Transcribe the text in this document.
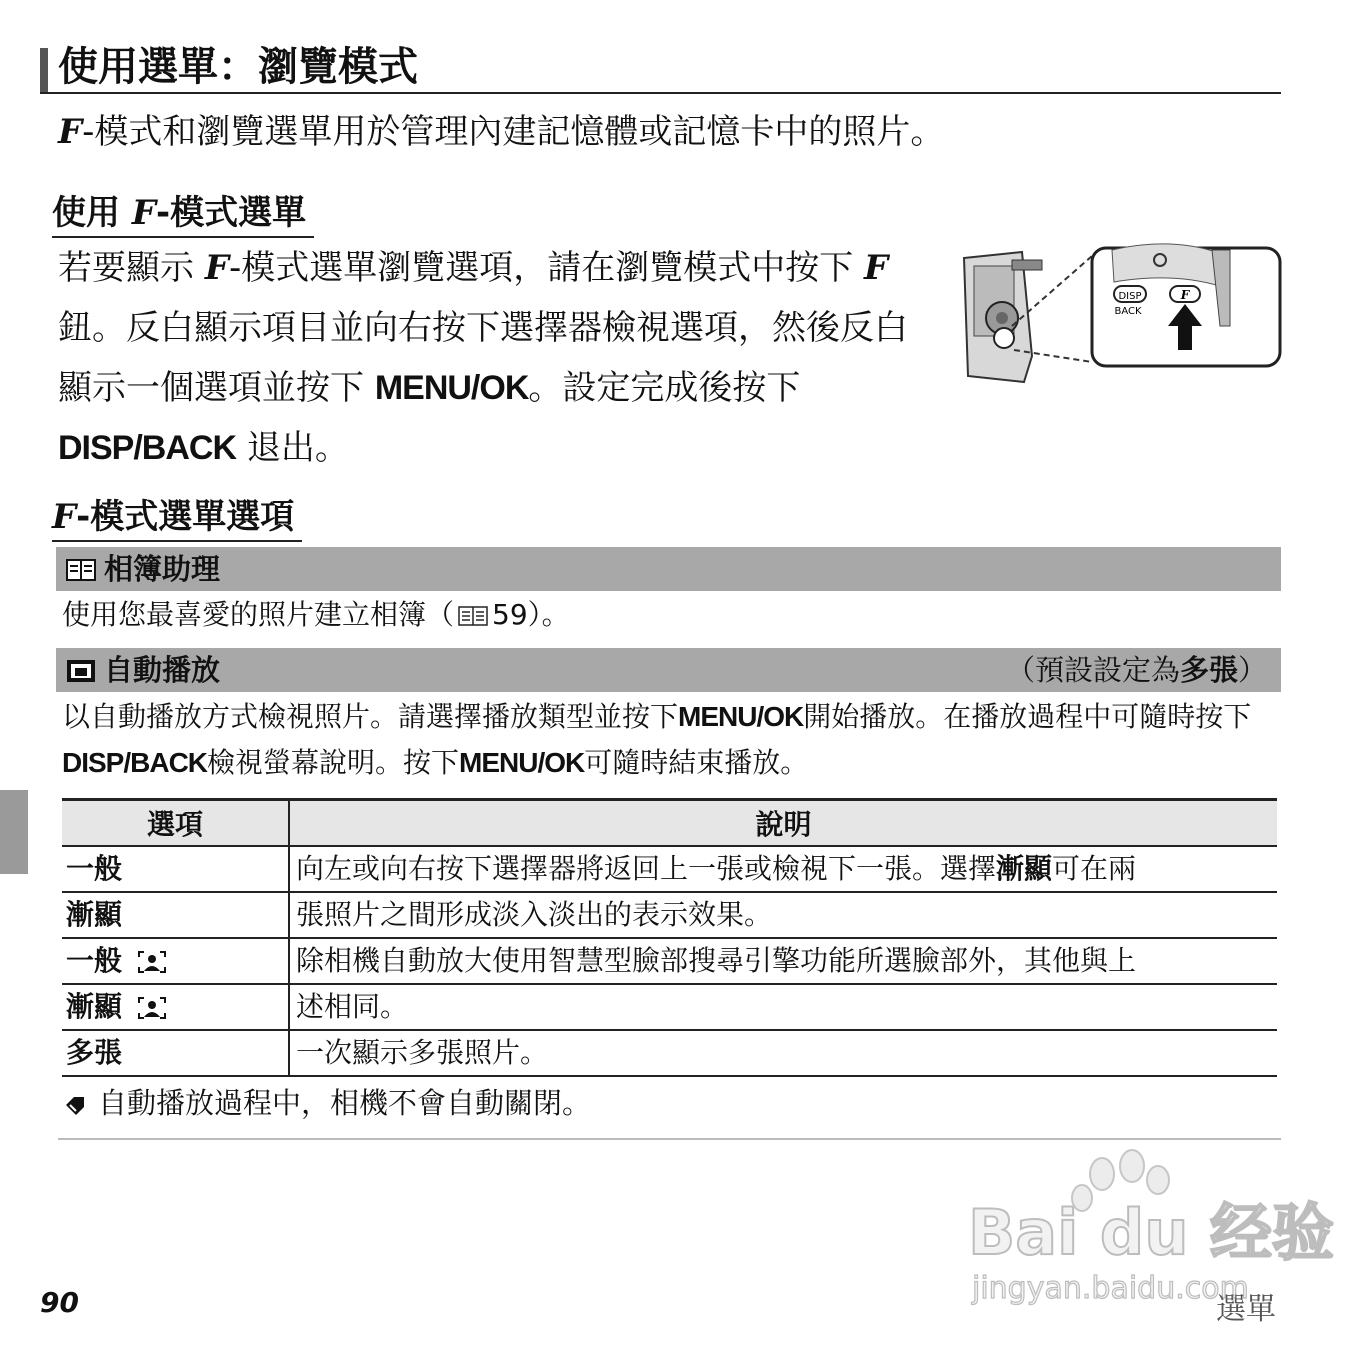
使用選單：瀏覽模式
F-模式和瀏覽選單用於管理內建記憶體或記憶卡中的照片。
使用 F-模式選單
若要顯示 F-模式選單瀏覽選項，請在瀏覽模式中按下 F 鈕。反白顯示項目並向右按下選擇器檢視選項，然後反白顯示一個選項並按下 MENU/OK。設定完成後按下 DISP/BACK 退出。
DISP
BACK
F
F-模式選單選項
相簿助理
使用您最喜愛的照片建立相簿（ 59）。
自動播放	（預設設定為多張）
以自動播放方式檢視照片。請選擇播放類型並按下MENU/OK開始播放。在播放過程中可隨時按下DISP/BACK檢視螢幕說明。按下MENU/OK可隨時結束播放。
選項	說明
一般	向左或向右按下選擇器將返回上一張或檢視下一張。選擇漸顯可在兩
漸顯	張照片之間形成淡入淡出的表示效果。
一般	除相機自動放大使用智慧型臉部搜尋引擎功能所選臉部外，其他與上
漸顯	述相同。
多張	一次顯示多張照片。
自動播放過程中，相機不會自動關閉。
90	選單
Bai du 经验
jingyan.baidu.com
